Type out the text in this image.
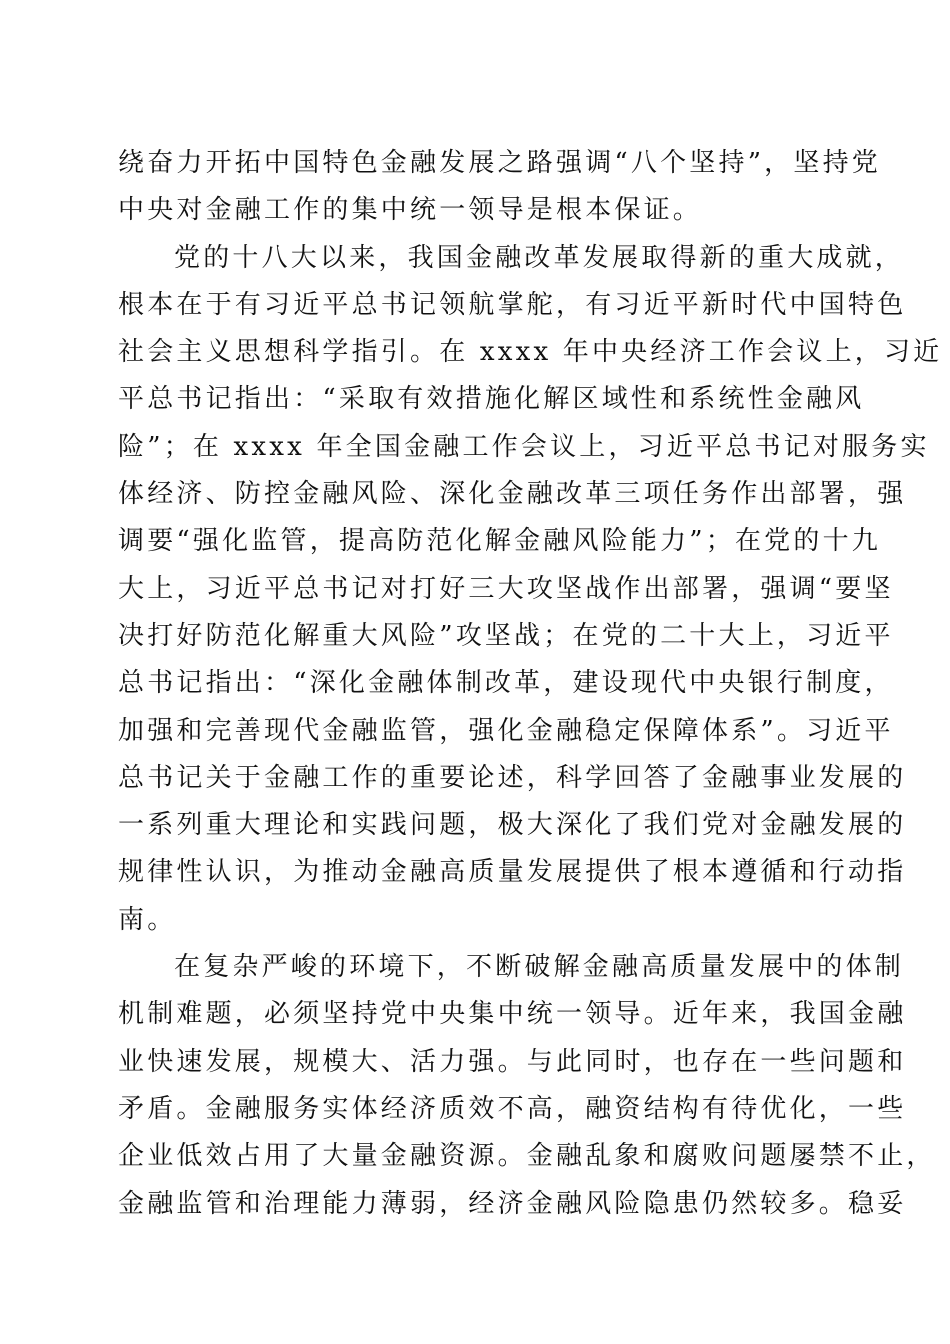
绕奋力开拓中国特色金融发展之路强调“八个坚持”，坚持党
中央对金融工作的集中统一领导是根本保证。
党的十八大以来，我国金融改革发展取得新的重大成就，
根本在于有习近平总书记领航掌舵，有习近平新时代中国特色
社会主义思想科学指引。在 xxxx 年中央经济工作会议上，习近
平总书记指出：“采取有效措施化解区域性和系统性金融风
险”；在 xxxx 年全国金融工作会议上，习近平总书记对服务实
体经济、防控金融风险、深化金融改革三项任务作出部署，强
调要“强化监管，提高防范化解金融风险能力”；在党的十九
大上，习近平总书记对打好三大攻坚战作出部署，强调“要坚
决打好防范化解重大风险”攻坚战；在党的二十大上，习近平
总书记指出：“深化金融体制改革，建设现代中央银行制度，
加强和完善现代金融监管，强化金融稳定保障体系”。习近平
总书记关于金融工作的重要论述，科学回答了金融事业发展的
一系列重大理论和实践问题，极大深化了我们党对金融发展的
规律性认识，为推动金融高质量发展提供了根本遵循和行动指
南。
在复杂严峻的环境下，不断破解金融高质量发展中的体制
机制难题，必须坚持党中央集中统一领导。近年来，我国金融
业快速发展，规模大、活力强。与此同时，也存在一些问题和
矛盾。金融服务实体经济质效不高，融资结构有待优化，一些
企业低效占用了大量金融资源。金融乱象和腐败问题屡禁不止，
金融监管和治理能力薄弱，经济金融风险隐患仍然较多。稳妥
